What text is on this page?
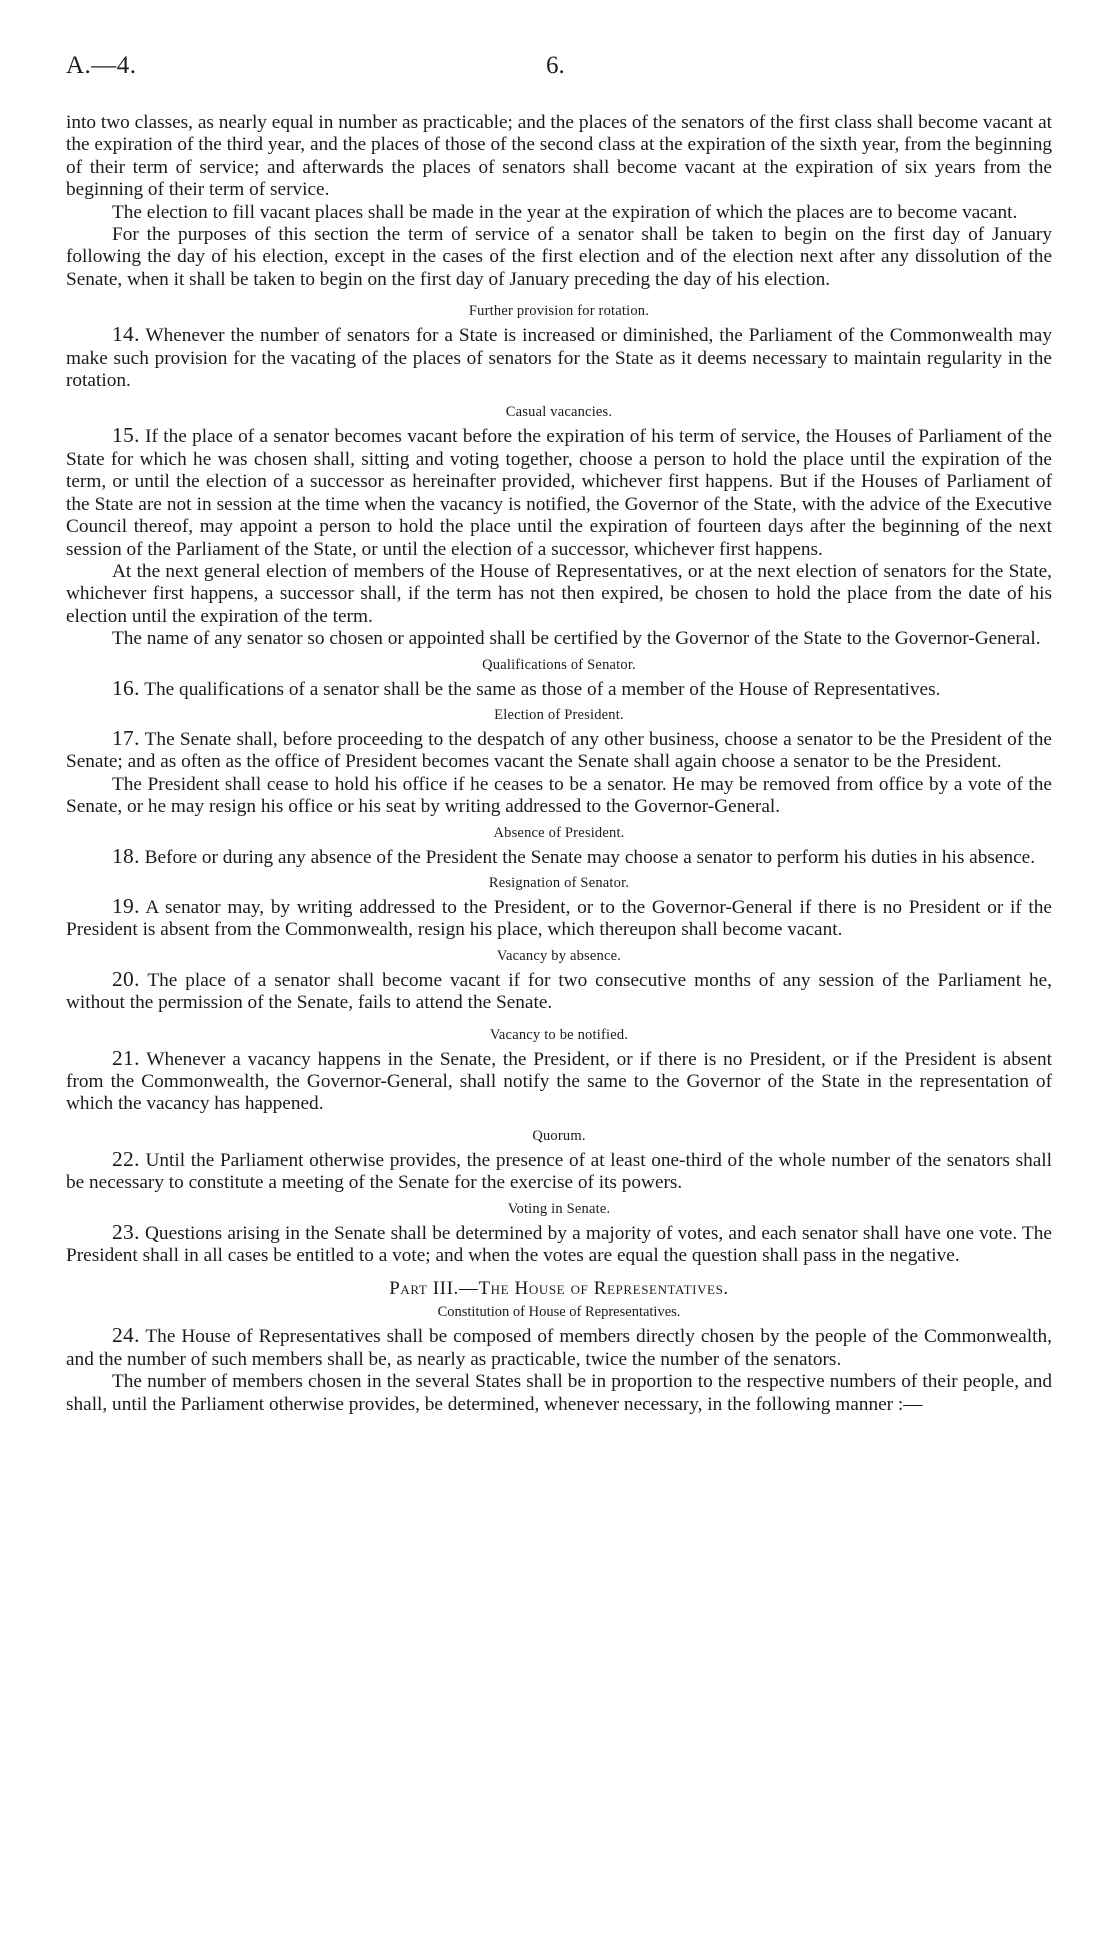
A.—4.	6.

into two classes, as nearly equal in number as practicable; and the places of the senators of the first class shall become vacant at the expiration of the third year, and the places of those of the second class at the expiration of the sixth year, from the beginning of their term of service; and afterwards the places of senators shall become vacant at the expiration of six years from the beginning of their term of service.

The election to fill vacant places shall be made in the year at the expiration of which the places are to become vacant.

For the purposes of this section the term of service of a senator shall be taken to begin on the first day of January following the day of his election, except in the cases of the first election and of the election next after any dissolution of the Senate, when it shall be taken to begin on the first day of January preceding the day of his election.

Further provision for rotation.

14. Whenever the number of senators for a State is increased or diminished, the Parliament of the Commonwealth may make such provision for the vacating of the places of senators for the State as it deems necessary to maintain regularity in the rotation.

Casual vacancies.

15. If the place of a senator becomes vacant before the expiration of his term of service, the Houses of Parliament of the State for which he was chosen shall, sitting and voting together, choose a person to hold the place until the expiration of the term, or until the election of a successor as hereinafter provided, whichever first happens. But if the Houses of Parliament of the State are not in session at the time when the vacancy is notified, the Governor of the State, with the advice of the Executive Council thereof, may appoint a person to hold the place until the expiration of fourteen days after the beginning of the next session of the Parliament of the State, or until the election of a successor, whichever first happens.

At the next general election of members of the House of Representatives, or at the next election of senators for the State, whichever first happens, a successor shall, if the term has not then expired, be chosen to hold the place from the date of his election until the expiration of the term.

The name of any senator so chosen or appointed shall be certified by the Governor of the State to the Governor-General.

Qualifications of Senator.

16. The qualifications of a senator shall be the same as those of a member of the House of Representatives.

Election of President.

17. The Senate shall, before proceeding to the despatch of any other business, choose a senator to be the President of the Senate; and as often as the office of President becomes vacant the Senate shall again choose a senator to be the President.

The President shall cease to hold his office if he ceases to be a senator. He may be removed from office by a vote of the Senate, or he may resign his office or his seat by writing addressed to the Governor-General.

Absence of President.

18. Before or during any absence of the President the Senate may choose a senator to perform his duties in his absence.

Resignation of Senator.

19. A senator may, by writing addressed to the President, or to the Governor-General if there is no President or if the President is absent from the Commonwealth, resign his place, which thereupon shall become vacant.

Vacancy by absence.

20. The place of a senator shall become vacant if for two consecutive months of any session of the Parliament he, without the permission of the Senate, fails to attend the Senate.

Vacancy to be notified.

21. Whenever a vacancy happens in the Senate, the President, or if there is no President, or if the President is absent from the Commonwealth, the Governor-General, shall notify the same to the Governor of the State in the representation of which the vacancy has happened.

Quorum.

22. Until the Parliament otherwise provides, the presence of at least one-third of the whole number of the senators shall be necessary to constitute a meeting of the Senate for the exercise of its powers.

Voting in Senate.

23. Questions arising in the Senate shall be determined by a majority of votes, and each senator shall have one vote. The President shall in all cases be entitled to a vote; and when the votes are equal the question shall pass in the negative.

Part III.—The House of Representatives.
Constitution of House of Representatives.

24. The House of Representatives shall be composed of members directly chosen by the people of the Commonwealth, and the number of such members shall be, as nearly as practicable, twice the number of the senators.

The number of members chosen in the several States shall be in proportion to the respective numbers of their people, and shall, until the Parliament otherwise provides, be determined, whenever necessary, in the following manner :—
